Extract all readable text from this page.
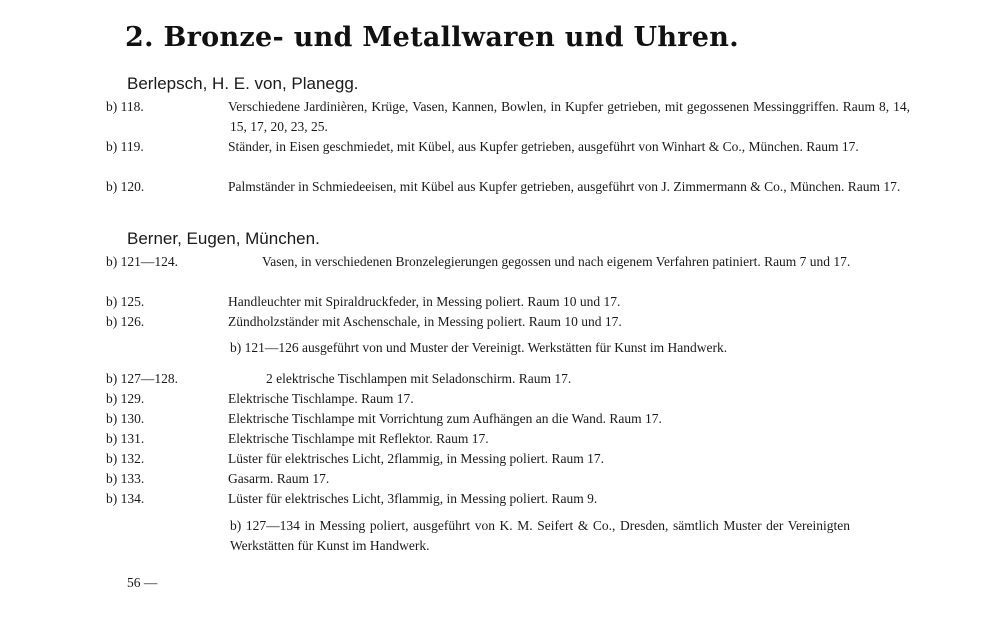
2. Bronze- und Metallwaren und Uhren.
Berlepsch, H. E. von, Planegg.
b) 118.	Verschiedene Jardinièren, Krüge, Vasen, Kannen, Bowlen, in Kupfer getrieben, mit gegossenen Messinggriffen. Raum 8, 14, 15, 17, 20, 23, 25.
b) 119.	Ständer, in Eisen geschmiedet, mit Kübel, aus Kupfer getrieben, ausgeführt von Winhart & Co., München. Raum 17.
b) 120.	Palmständer in Schmiedeeisen, mit Kübel aus Kupfer getrieben, ausgeführt von J. Zimmermann & Co., München. Raum 17.
Berner, Eugen, München.
b) 121—124.	Vasen, in verschiedenen Bronzelegierungen gegossen und nach eigenem Verfahren patiniert. Raum 7 und 17.
b) 125.	Handleuchter mit Spiraldruckfeder, in Messing poliert. Raum 10 und 17.
b) 126.	Zündholzständer mit Aschenschale, in Messing poliert. Raum 10 und 17.
b) 121—126 ausgeführt von und Muster der Vereinigt. Werkstätten für Kunst im Handwerk.
b) 127—128.	2 elektrische Tischlampen mit Seladonschirm. Raum 17.
b) 129.	Elektrische Tischlampe. Raum 17.
b) 130.	Elektrische Tischlampe mit Vorrichtung zum Aufhängen an die Wand. Raum 17.
b) 131.	Elektrische Tischlampe mit Reflektor. Raum 17.
b) 132.	Lüster für elektrisches Licht, 2flammig, in Messing poliert. Raum 17.
b) 133.	Gasarm. Raum 17.
b) 134.	Lüster für elektrisches Licht, 3flammig, in Messing poliert. Raum 9.
b) 127—134 in Messing poliert, ausgeführt von K. M. Seifert & Co., Dresden, sämtlich Muster der Vereinigten Werkstätten für Kunst im Handwerk.
56 —
